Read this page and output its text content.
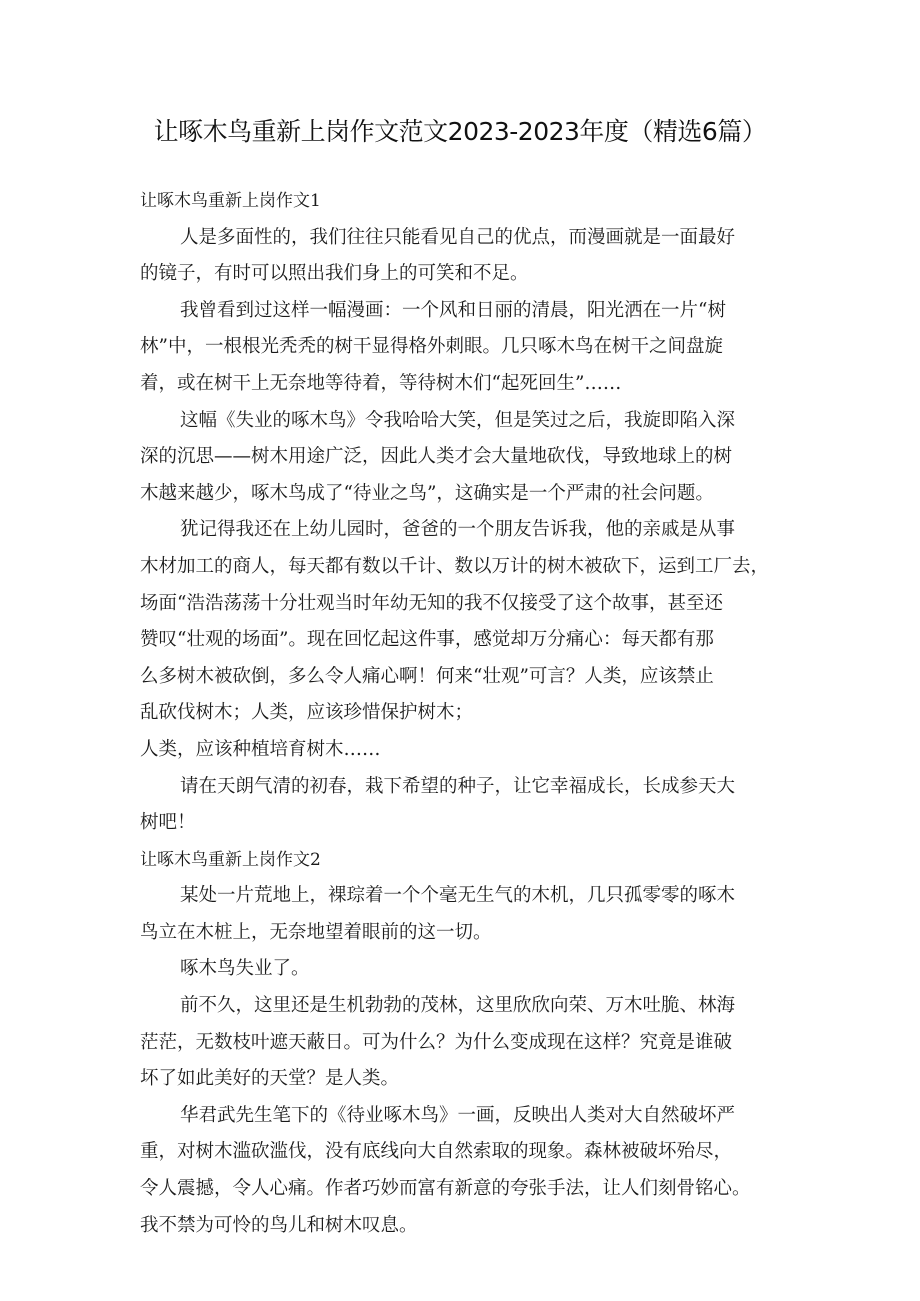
让啄木鸟重新上岗作文范文2023-2023年度（精选6篇）
让啄木鸟重新上岗作文1
人是多面性的，我们往往只能看见自己的优点，而漫画就是一面最好
的镜子，有时可以照出我们身上的可笑和不足。
我曾看到过这样一幅漫画：一个风和日丽的清晨，阳光洒在一片“树
林”中，一根根光秃秃的树干显得格外刺眼。几只啄木鸟在树干之间盘旋
着，或在树干上无奈地等待着，等待树木们“起死回生”……
这幅《失业的啄木鸟》令我哈哈大笑，但是笑过之后，我旋即陷入深
深的沉思——树木用途广泛，因此人类才会大量地砍伐，导致地球上的树
木越来越少，啄木鸟成了“待业之鸟”，这确实是一个严肃的社会问题。
犹记得我还在上幼儿园时，爸爸的一个朋友告诉我，他的亲戚是从事
木材加工的商人，每天都有数以千计、数以万计的树木被砍下，运到工厂去，
场面“浩浩荡荡十分壮观当时年幼无知的我不仅接受了这个故事，甚至还
赞叹“壮观的场面”。现在回忆起这件事，感觉却万分痛心：每天都有那
么多树木被砍倒，多么令人痛心啊！何来“壮观”可言？人类，应该禁止
乱砍伐树木；人类，应该珍惜保护树木；
人类，应该种植培育树木……
请在天朗气清的初春，栽下希望的种子，让它幸福成长，长成参天大
树吧！
让啄木鸟重新上岗作文2
某处一片荒地上，裸琮着一个个毫无生气的木机，几只孤零零的啄木
鸟立在木桩上，无奈地望着眼前的这一切。
啄木鸟失业了。
前不久，这里还是生机勃勃的茂林，这里欣欣向荣、万木吐脆、林海
茫茫，无数枝叶遮天蔽日。可为什么？为什么变成现在这样？究竟是谁破
坏了如此美好的天堂？是人类。
华君武先生笔下的《待业啄木鸟》一画，反映出人类对大自然破坏严
重，对树木滥砍滥伐，没有底线向大自然索取的现象。森林被破坏殆尽，
令人震撼，令人心痛。作者巧妙而富有新意的夸张手法，让人们刻骨铭心。
我不禁为可怜的鸟儿和树木叹息。
